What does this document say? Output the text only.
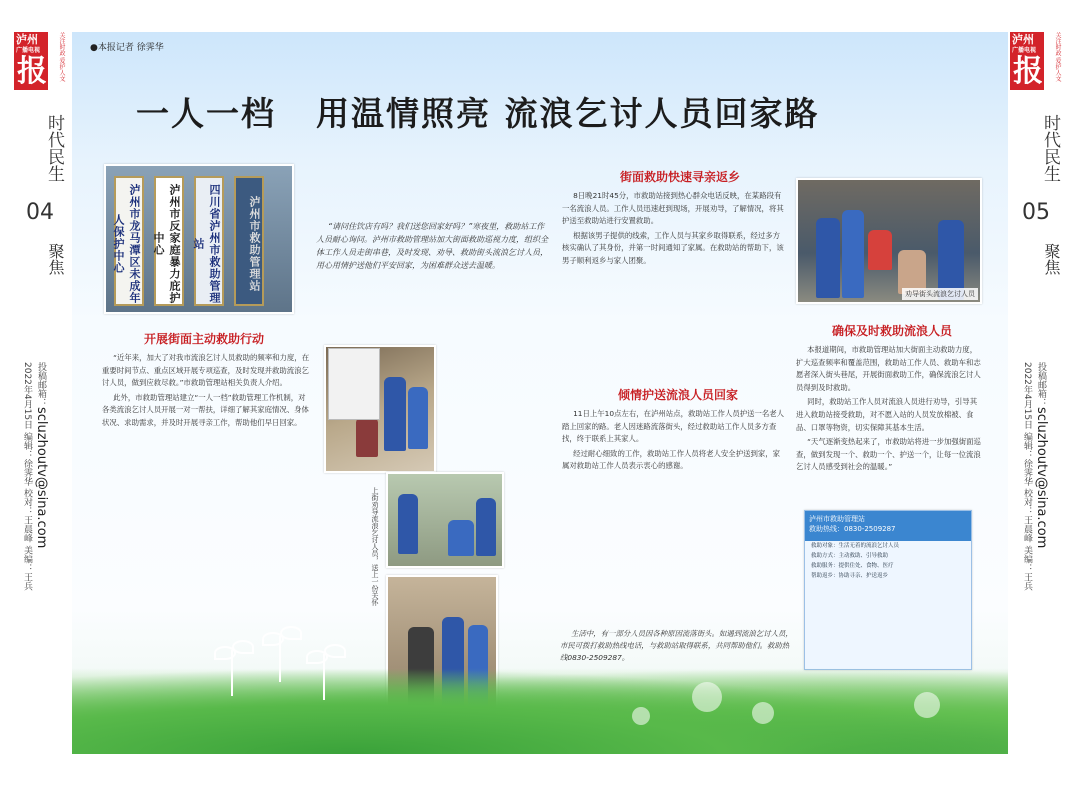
泸州
广播电视
报	关注时政 爱护人文
时代民生
04
聚焦
投稿邮箱：scluzhoutv@sina.com
2022年4月15日 编辑：徐霁华 校对：王晨峰 美编：王兵
泸州
广播电视
报	关注时政 爱护人文
时代民生
05
聚焦
投稿邮箱：scluzhoutv@sina.com
2022年4月15日 编辑：徐霁华 校对：王晨峰 美编：王兵
●本报记者 徐霁华
一人一档 用温情照亮 流浪乞讨人员回家路
泸州市龙马潭区未成年人保护中心	泸州市反家庭暴力庇护中心	四川省泸州市救助管理站	泸州市救助管理站	“请问住饮店有吗？我们送您回家好吗？”寒夜里，救助站工作人员耐心询问。泸州市救助管理站加大街面救助巡视力度，组织全体工作人员走街串巷，及时发现、劝导、救助街头流浪乞讨人员，用心用情护送他们平安回家，为困难群众送去温暖。
开展街面主动救助行动

“近年来，加大了对我市流浪乞讨人员救助的频率和力度，在重要时间节点、重点区域开展专项巡查，及时发现并救助流浪乞讨人员，做到应救尽救。”市救助管理站相关负责人介绍。

此外，市救助管理站建立“一人一档”救助管理工作机制，对各类流浪乞讨人员开展一对一帮扶，详细了解其家庭情况、身体状况、求助需求，并及时开展寻亲工作，帮助他们早日回家。

上街劝导流浪乞讨人员，送上一份关怀
街面救助快速寻亲返乡

8日晚21时45分，市救助站接到热心群众电话反映，在某路段有一名流浪人员。工作人员迅速赶到现场，开展劝导，了解情况，将其护送至救助站进行安置救助。

根据该男子提供的线索，工作人员与其家乡取得联系，经过多方核实确认了其身份，并第一时间通知了家属。在救助站的帮助下，该男子顺利返乡与家人团聚。

倾情护送流浪人员回家

11日上午10点左右，在泸州站点，救助站工作人员护送一名老人踏上回家的路。老人因迷路流落街头，经过救助站工作人员多方查找，终于联系上其家人。

经过耐心细致的工作，救助站工作人员将老人安全护送到家，家属对救助站工作人员表示衷心的感谢。

生活中，有一部分人员因各种原因流落街头。如遇到流浪乞讨人员，市民可拨打救助热线电话，与救助站取得联系，共同帮助他们。救助热线0830-2509287。
劝导街头流浪乞讨人员
确保及时救助流浪人员

本报道期间，市救助管理站加大街面主动救助力度，扩大巡查频率和覆盖范围，救助站工作人员、救助车和志愿者深入街头巷尾，开展街面救助工作，确保流浪乞讨人员得到及时救助。

同时，救助站工作人员对流浪人员进行劝导，引导其进入救助站接受救助，对不愿入站的人员发放棉被、食品、口罩等物资，切实保障其基本生活。

“天气逐渐变热起来了，市救助站将进一步加强街面巡查，做到发现一个、救助一个、护送一个，让每一位流浪乞讨人员感受到社会的温暖。”

泸州市救助管理站
救助热线：0830-2509287
救助对象：生活无着的流浪乞讨人员
救助方式：主动救助、引导救助
救助服务：提供住处、食物、医疗
帮助返乡：协助寻亲、护送返乡
